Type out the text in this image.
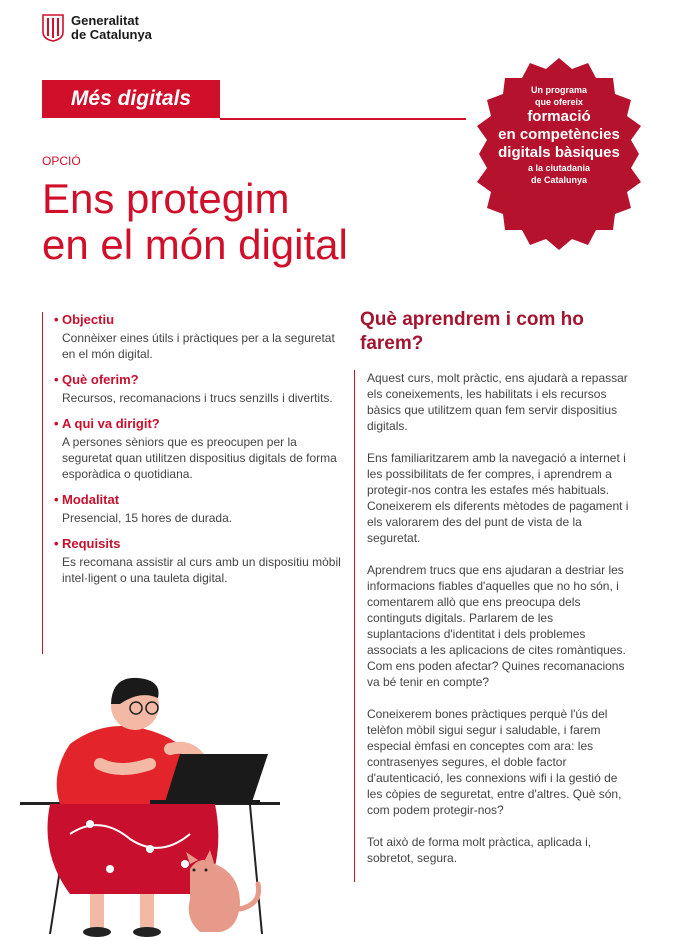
Generalitat
de Catalunya
Més digitals	Un programa
que ofereix
formació
en competències
digitals bàsiques
a la ciutadania
de Catalunya
OPCIÓ
Ens protegim
en el món digital
• Objectiu
Connèixer eines útils i pràctiques per a la seguretat en el món digital.
• Què oferim?
Recursos, recomanacions i trucs senzills i divertits.
• A qui va dirigit?
A persones sèniors que es preocupen per la seguretat quan utilitzen dispositius digitals de forma esporàdica o quotidiana.
• Modalitat
Presencial, 15 hores de durada.
• Requisits
Es recomana assistir al curs amb un dispositiu mòbil intel·ligent o una tauleta digital.
Què aprendrem i com ho farem?

Aquest curs, molt pràctic, ens ajudarà a repassar els coneixements, les habilitats i els recursos bàsics que utilitzem quan fem servir dispositius digitals.

Ens familiaritzarem amb la navegació a internet i les possibilitats de fer compres, i aprendrem a protegir-nos contra les estafes més habituals. Coneixerem els diferents mètodes de pagament i els valorarem des del punt de vista de la seguretat.

Aprendrem trucs que ens ajudaran a destriar les informacions fiables d'aquelles que no ho són, i comentarem allò que ens preocupa dels continguts digitals. Parlarem de les suplantacions d'identitat i dels problemes associats a les aplicacions de cites romàntiques. Com ens poden afectar? Quines recomanacions va bé tenir en compte?

Coneixerem bones pràctiques perquè l'ús del telèfon mòbil sigui segur i saludable, i farem especial èmfasi en conceptes com ara: les contrasenyes segures, el doble factor d'autenticació, les connexions wifi i la gestió de les còpies de seguretat, entre d'altres. Què són, com podem protegir-nos?

Tot això de forma molt pràctica, aplicada i, sobretot, segura.
